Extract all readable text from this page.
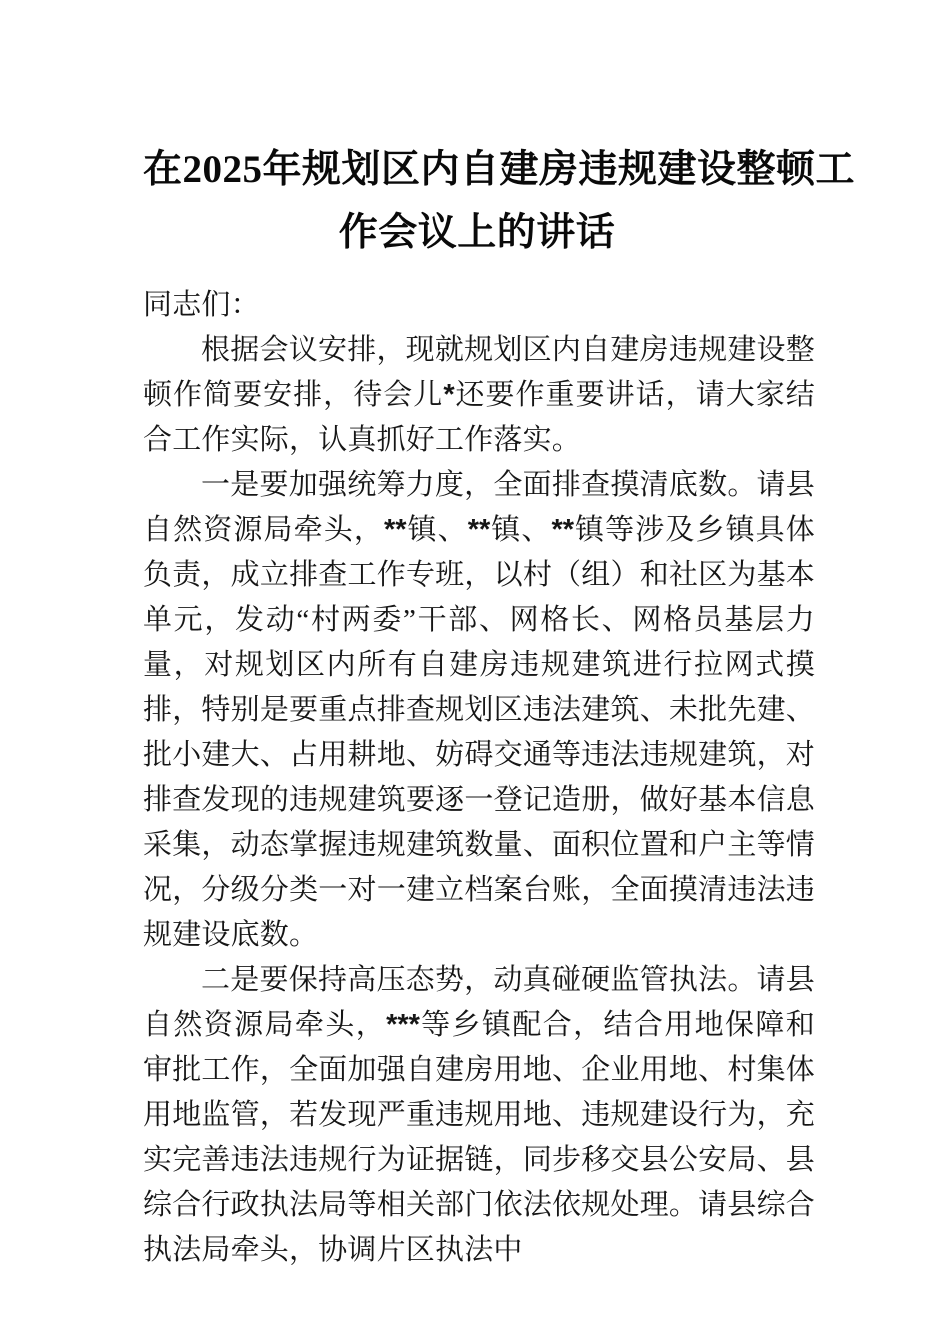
在2025年规划区内自建房违规建设整顿工
作会议上的讲话

同志们：

根据会议安排，现就规划区内自建房违规建设整顿作简要安排，待会儿*还要作重要讲话，请大家结合工作实际，认真抓好工作落实。

一是要加强统筹力度，全面排查摸清底数。请县自然资源局牵头，**镇、**镇、**镇等涉及乡镇具体负责，成立排查工作专班，以村（组）和社区为基本单元，发动“村两委”干部、网格长、网格员基层力量，对规划区内所有自建房违规建筑进行拉网式摸排，特别是要重点排查规划区违法建筑、未批先建、批小建大、占用耕地、妨碍交通等违法违规建筑，对排查发现的违规建筑要逐一登记造册，做好基本信息采集，动态掌握违规建筑数量、面积位置和户主等情况，分级分类一对一建立档案台账，全面摸清违法违规建设底数。

二是要保持高压态势，动真碰硬监管执法。请县自然资源局牵头，***等乡镇配合，结合用地保障和审批工作，全面加强自建房用地、企业用地、村集体用地监管，若发现严重违规用地、违规建设行为，充实完善违法违规行为证据链，同步移交县公安局、县综合行政执法局等相关部门依法依规处理。请县综合执法局牵头，协调片区执法中
